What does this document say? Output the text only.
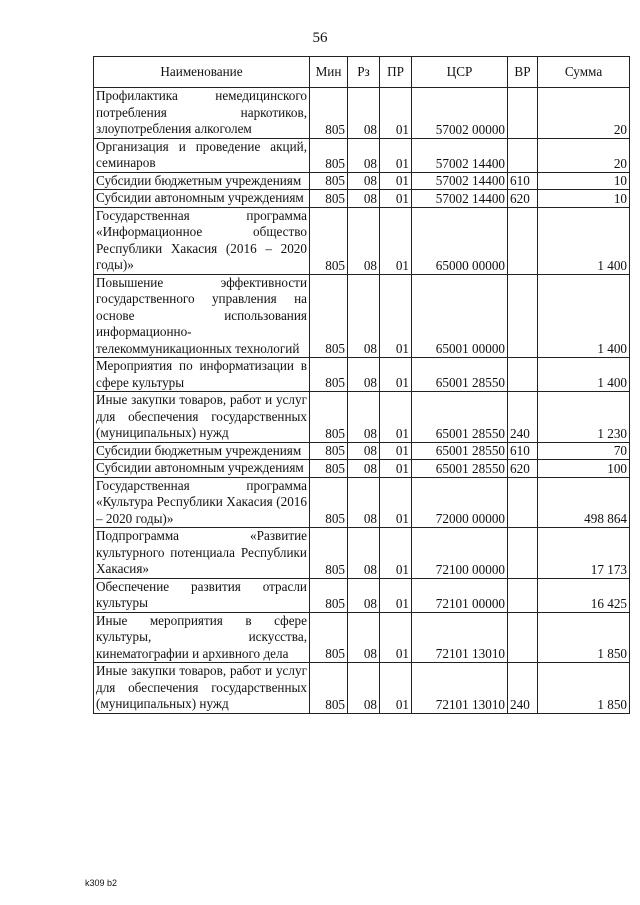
56
Наименование	Мин	Рз	ПР	ЦСР	ВР	Сумма
Профилактика немедицинского потребления наркотиков, злоупотребления алкоголем	805	08	01	57002 00000		20
Организация и проведение акций, семинаров	805	08	01	57002 14400		20
Субсидии бюджетным учреждениям	805	08	01	57002 14400	610	10
Субсидии автономным учреждениям	805	08	01	57002 14400	620	10
Государственная программа «Информационное общество Республики Хакасия (2016 – 2020 годы)»	805	08	01	65000 00000		1 400
Повышение эффективности государственного управления на основе использования информационно-телекоммуникационных технологий	805	08	01	65001 00000		1 400
Мероприятия по информатизации в сфере культуры	805	08	01	65001 28550		1 400
Иные закупки товаров, работ и услуг для обеспечения государственных (муниципальных) нужд	805	08	01	65001 28550	240	1 230
Субсидии бюджетным учреждениям	805	08	01	65001 28550	610	70
Субсидии автономным учреждениям	805	08	01	65001 28550	620	100
Государственная программа «Культура Республики Хакасия (2016 – 2020 годы)»	805	08	01	72000 00000		498 864
Подпрограмма «Развитие культурного потенциала Республики Хакасия»	805	08	01	72100 00000		17 173
Обеспечение развития отрасли культуры	805	08	01	72101 00000		16 425
Иные мероприятия в сфере культуры, искусства, кинематографии и архивного дела	805	08	01	72101 13010		1 850
Иные закупки товаров, работ и услуг для обеспечения государственных (муниципальных) нужд	805	08	01	72101 13010	240	1 850
k309 b2
